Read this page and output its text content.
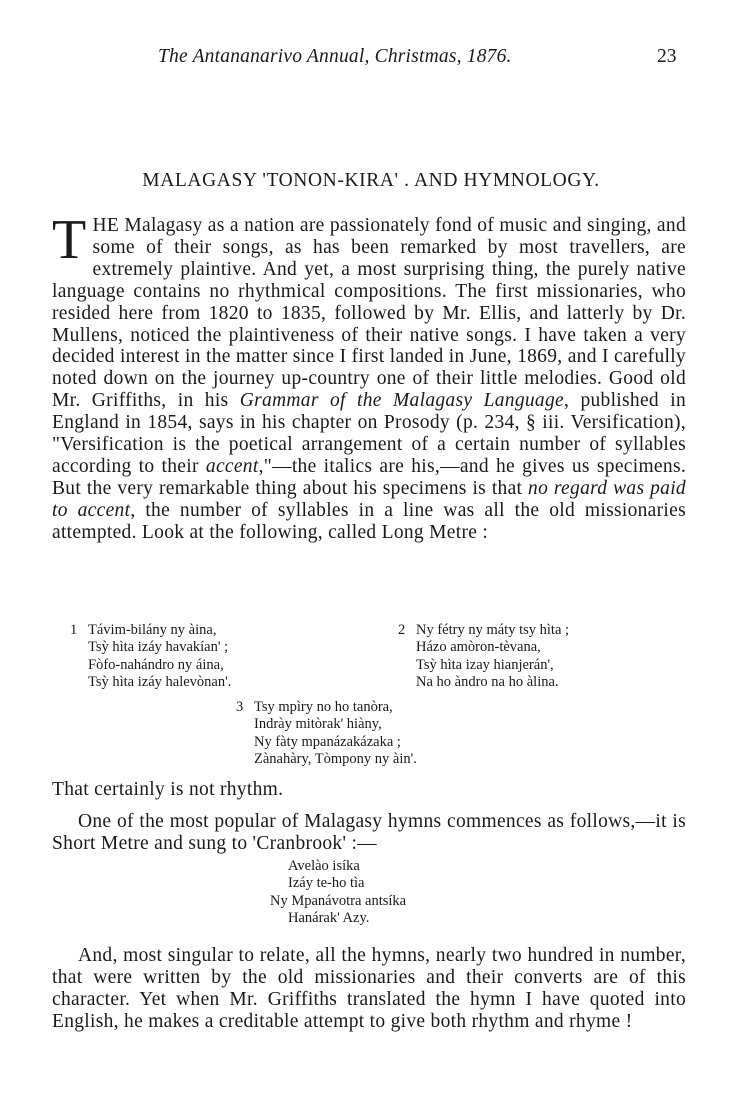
The Antananarivo Annual, Christmas, 1876.	23
MALAGASY 'TONON-KIRA' . AND HYMNOLOGY.
THE Malagasy as a nation are passionately fond of music and singing, and some of their songs, as has been remarked by most travellers, are extremely plaintive. And yet, a most surprising thing, the purely native language contains no rhythmical compositions. The first missionaries, who resided here from 1820 to 1835, followed by Mr. Ellis, and latterly by Dr. Mullens, noticed the plaintiveness of their native songs. I have taken a very decided interest in the matter since I first landed in June, 1869, and I carefully noted down on the journey up-country one of their little melodies. Good old Mr. Griffiths, in his Grammar of the Malagasy Language, published in England in 1854, says in his chapter on Prosody (p. 234, § iii. Versification), "Versification is the poetical arrangement of a certain number of syllables according to their accent,"—the italics are his,—and he gives us specimens. But the very remarkable thing about his specimens is that no regard was paid to accent, the number of syllables in a line was all the old missionaries attempted. Look at the following, called Long Metre :
1 Távim-bilány ny àina,
Tsỳ hìta izáy havakían' ;
Fòfo-nahándro ny áina,
Tsỳ hìta izáy halevònan'.
2 Ny fétry ny máty tsy hìta ;
Házo amòron-tèvana,
Tsỳ hìta izay hianjerán',
Na ho àndro na ho àlina.
3 Tsy mpìry no ho tanòra,
Indrày mitòrak' hiàny,
Ny fàty mpanázakázaka ;
Zànahàry, Tòmpony ny àin'.
That certainly is not rhythm.
One of the most popular of Malagasy hymns commences as follows,—it is Short Metre and sung to 'Cranbrook' :—
Avelào isíka
Izáy te-ho tìa
Ny Mpanávotra antsíka
Hanárak' Azy.
And, most singular to relate, all the hymns, nearly two hundred in number, that were written by the old missionaries and their converts are of this character. Yet when Mr. Griffiths translated the hymn I have quoted into English, he makes a creditable attempt to give both rhythm and rhyme !
